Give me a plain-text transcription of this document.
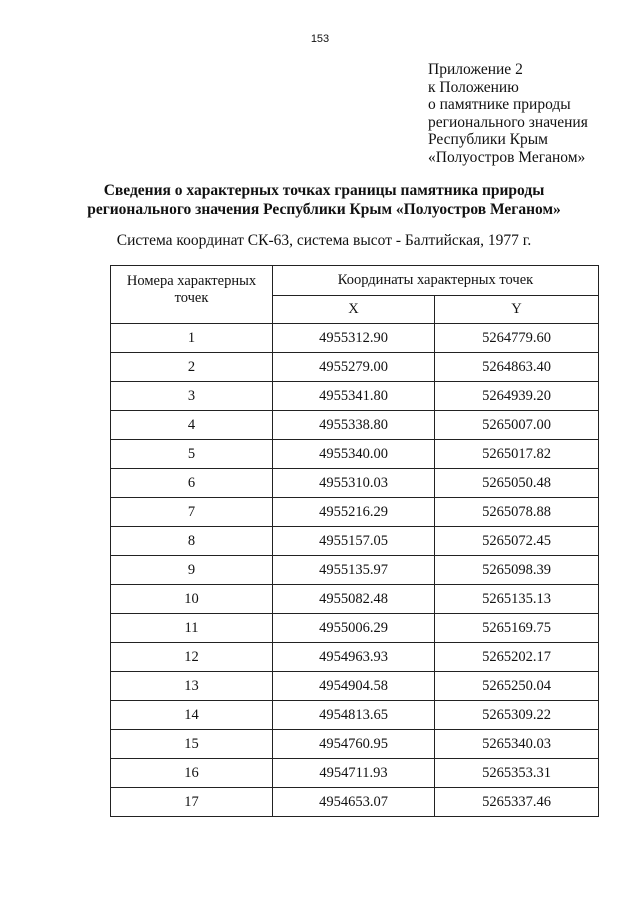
153
Приложение 2
к Положению
о памятнике природы
регионального значения
Республики Крым
«Полуостров Меганом»
Сведения о характерных точках границы памятника природы
регионального значения Республики Крым «Полуостров Меганом»
Система координат СК-63, система высот - Балтийская, 1977 г.
Номера характерных точек	Координаты характерных точек	
	X	Y
1	4955312.90	5264779.60
2	4955279.00	5264863.40
3	4955341.80	5264939.20
4	4955338.80	5265007.00
5	4955340.00	5265017.82
6	4955310.03	5265050.48
7	4955216.29	5265078.88
8	4955157.05	5265072.45
9	4955135.97	5265098.39
10	4955082.48	5265135.13
11	4955006.29	5265169.75
12	4954963.93	5265202.17
13	4954904.58	5265250.04
14	4954813.65	5265309.22
15	4954760.95	5265340.03
16	4954711.93	5265353.31
17	4954653.07	5265337.46
